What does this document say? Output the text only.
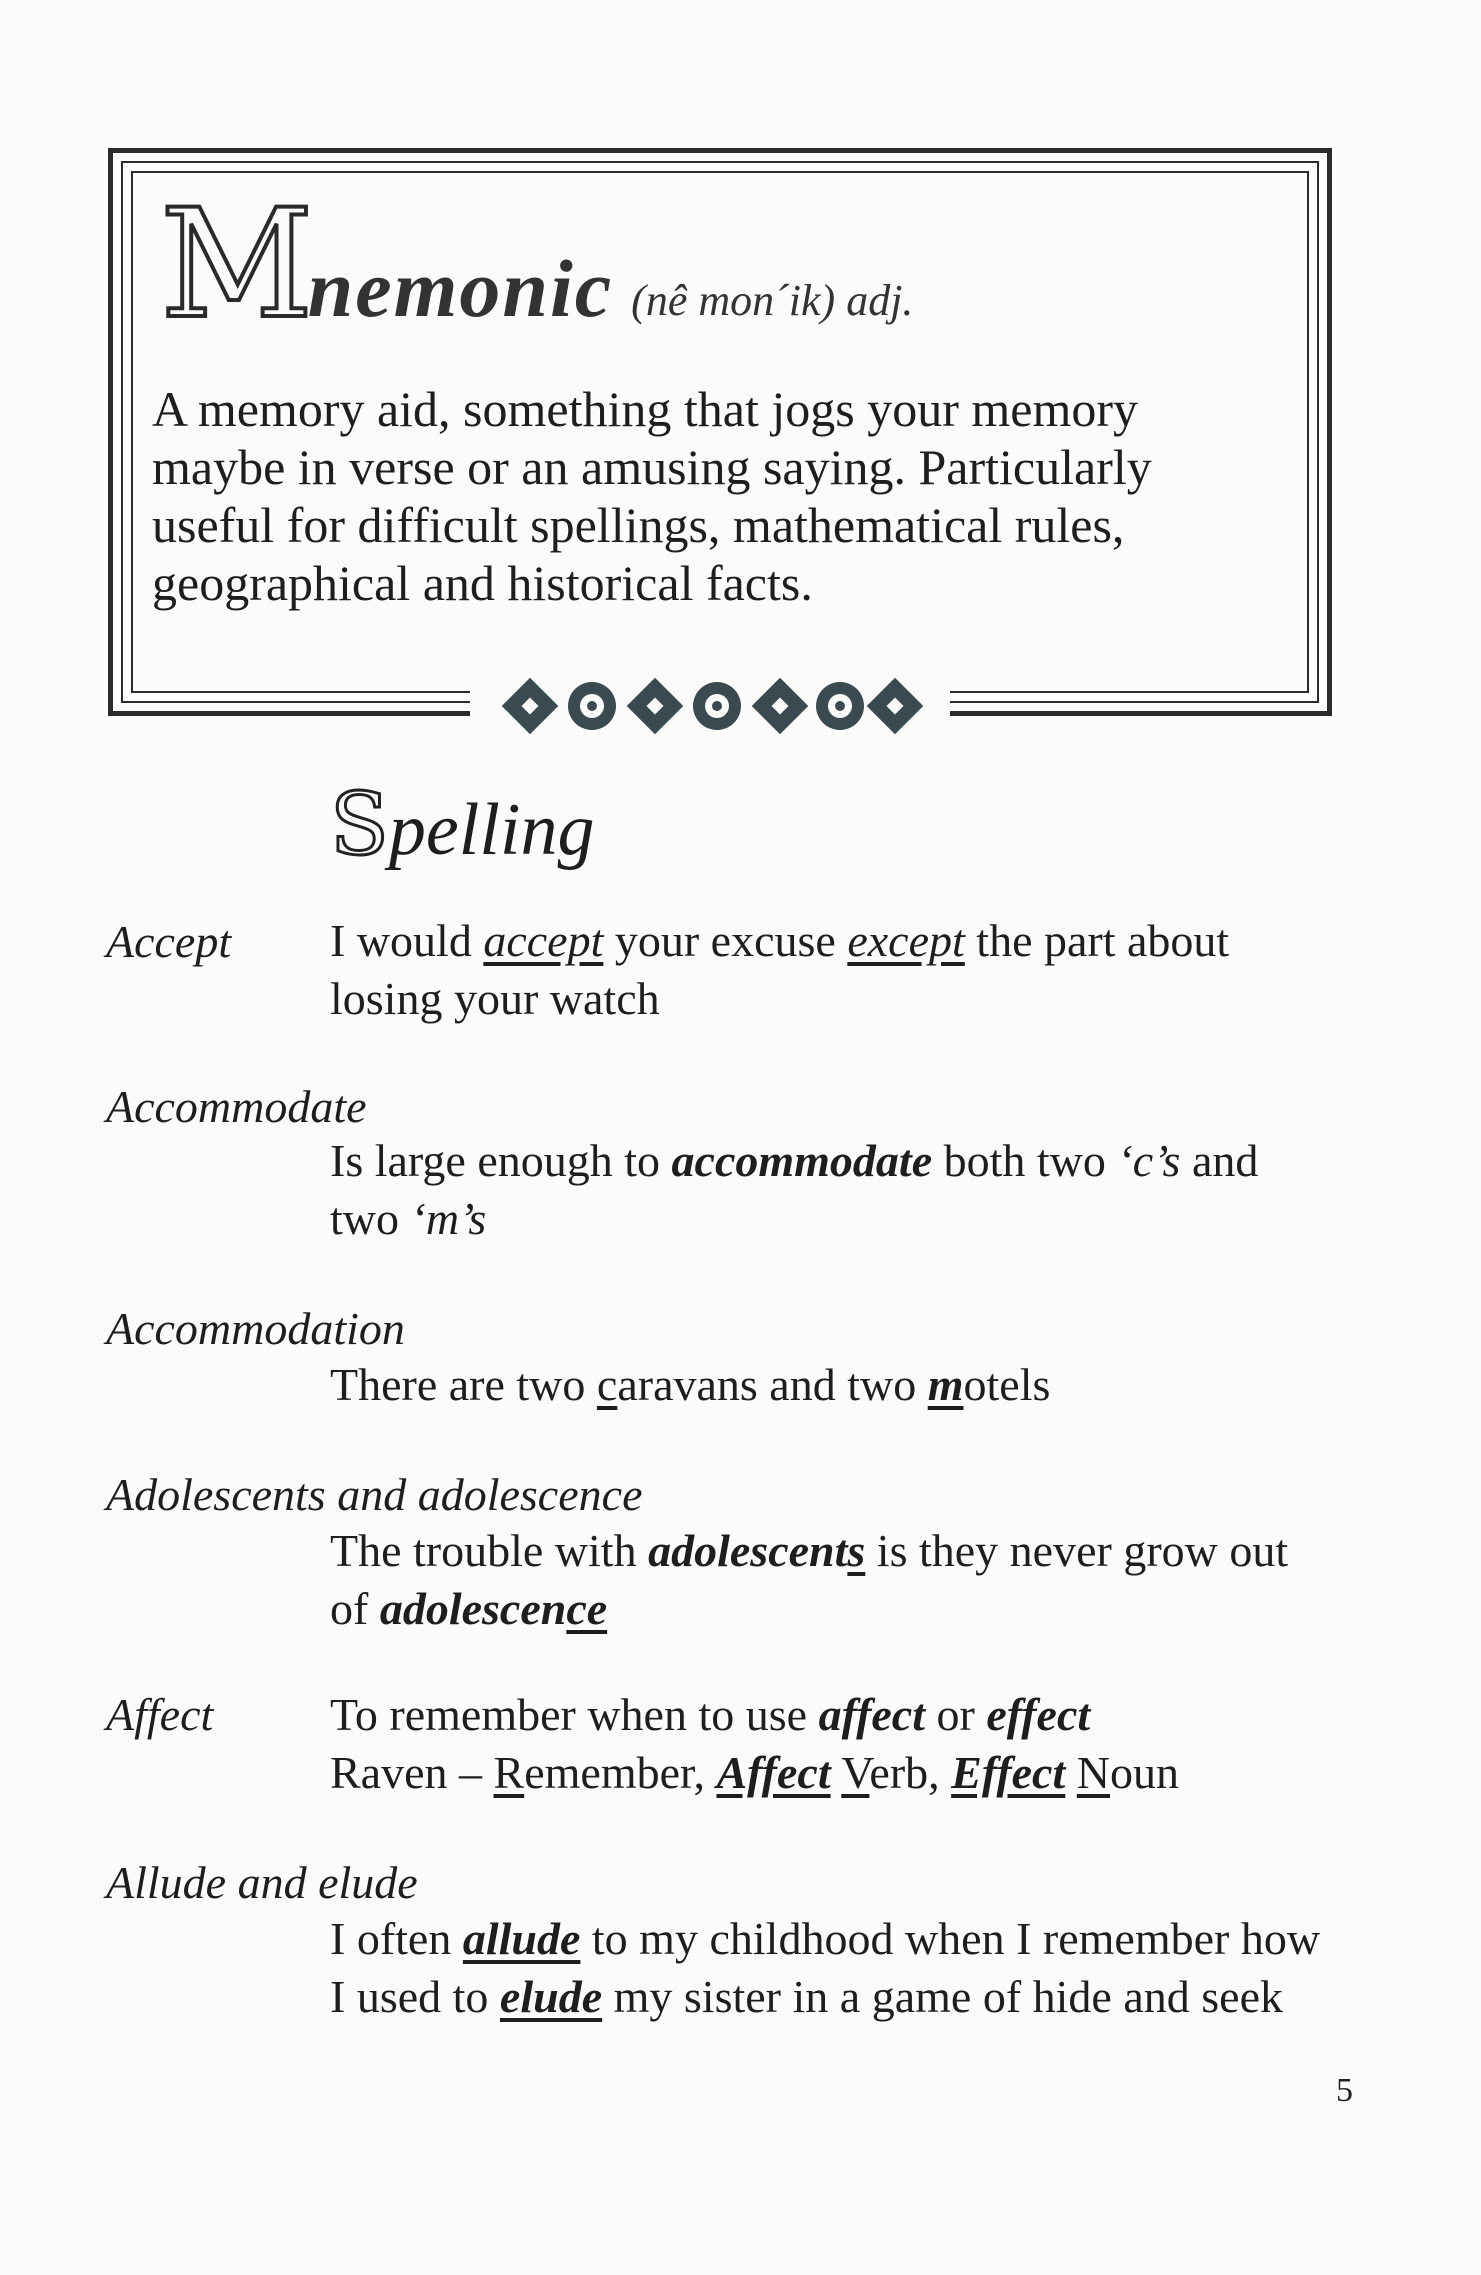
Mnemonic (nê mon´ik) adj.
A memory aid, something that jogs your memory maybe in verse or an amusing saying. Particularly useful for difficult spellings, mathematical rules, geographical and historical facts.
Spelling
Accept I would accept your excuse except the part about losing your watch
Accommodate
Is large enough to accommodate both two ‘c’s and two ‘m’s
Accommodation
There are two caravans and two motels
Adolescents and adolescence
The trouble with adolescents is they never grow out of adolescence
Affect	To remember when to use affect or effect
Raven – Remember, Affect Verb, Effect Noun
Allude and elude
I often allude to my childhood when I remember how I used to elude my sister in a game of hide and seek
5
